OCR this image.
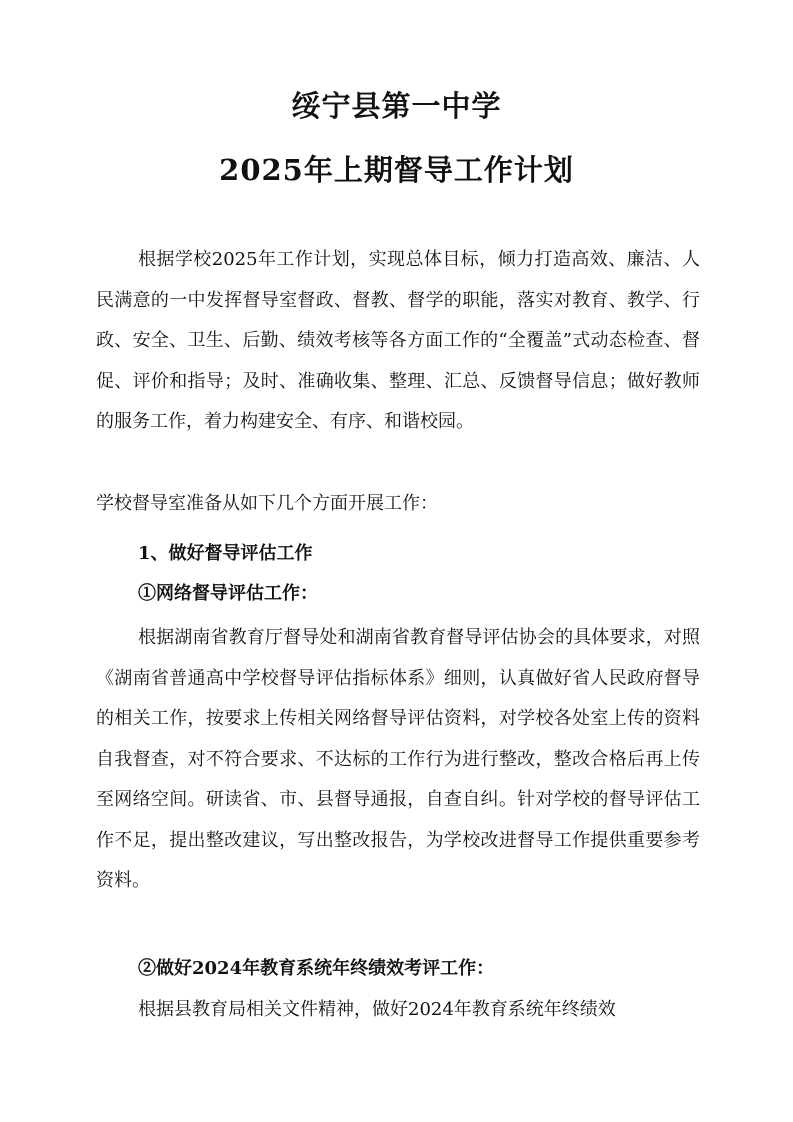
绥宁县第一中学
2025年上期督导工作计划
根据学校2025年工作计划，实现总体目标，倾力打造高效、廉洁、人民满意的一中发挥督导室督政、督教、督学的职能，落实对教育、教学、行政、安全、卫生、后勤、绩效考核等各方面工作的“全覆盖”式动态检查、督促、评价和指导；及时、准确收集、整理、汇总、反馈督导信息；做好教师的服务工作，着力构建安全、有序、和谐校园。
学校督导室准备从如下几个方面开展工作：
1、做好督导评估工作
①网络督导评估工作：
根据湖南省教育厅督导处和湖南省教育督导评估协会的具体要求，对照《湖南省普通高中学校督导评估指标体系》细则，认真做好省人民政府督导的相关工作，按要求上传相关网络督导评估资料，对学校各处室上传的资料自我督查，对不符合要求、不达标的工作行为进行整改，整改合格后再上传至网络空间。研读省、市、县督导通报，自查自纠。针对学校的督导评估工作不足，提出整改建议，写出整改报告，为学校改进督导工作提供重要参考资料。
②做好2024年教育系统年终绩效考评工作：
根据县教育局相关文件精神，做好2024年教育系统年终绩效
